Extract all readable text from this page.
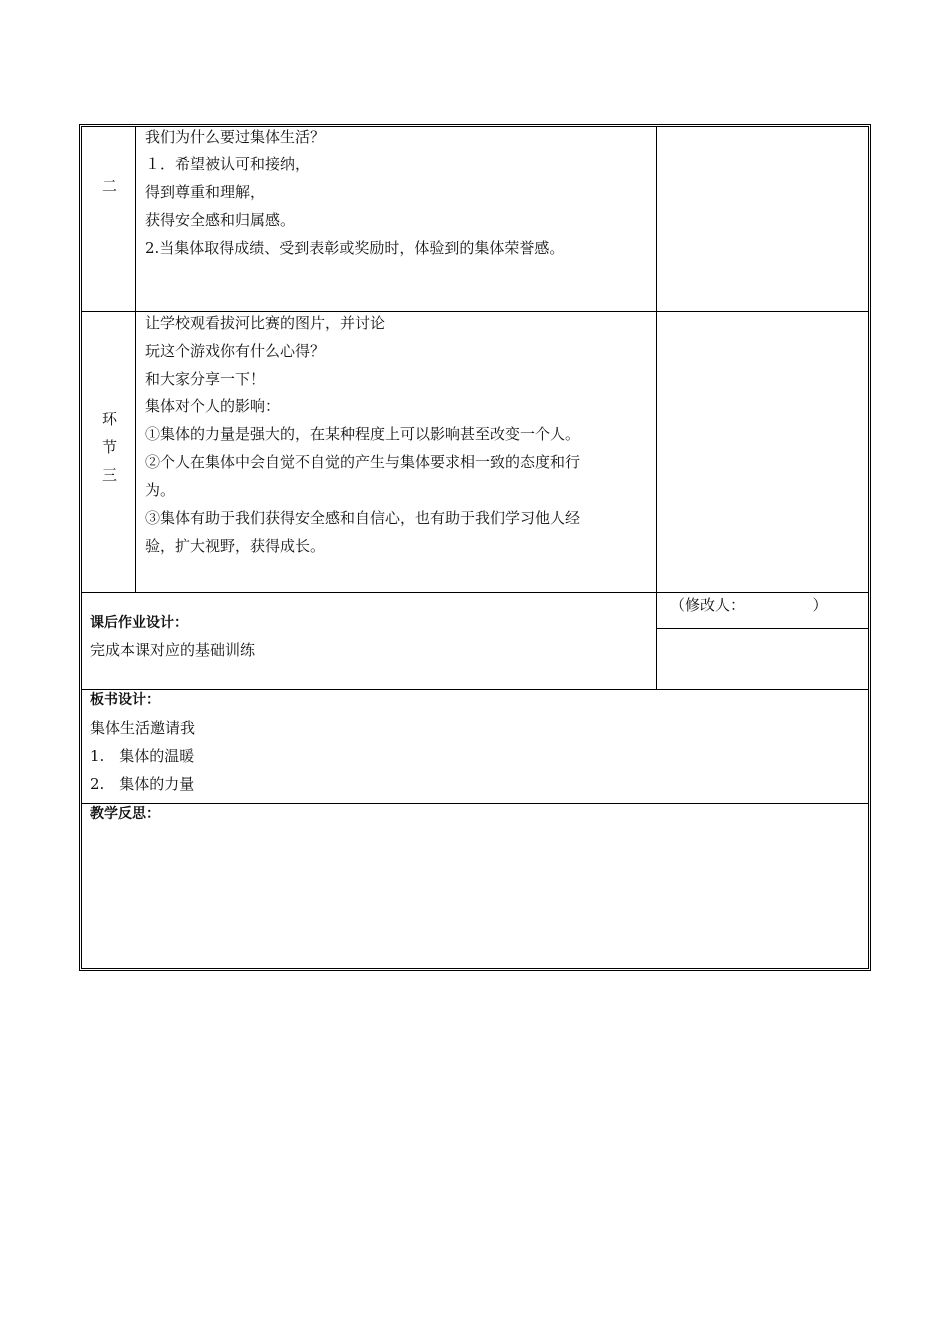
二
我们为什么要过集体生活？
１．希望被认可和接纳，
得到尊重和理解，
获得安全感和归属感。
2.当集体取得成绩、受到表彰或奖励时，体验到的集体荣誉感。
环
节
三
让学校观看拔河比赛的图片，并讨论
玩这个游戏你有什么心得？
和大家分享一下！
集体对个人的影响：
①集体的力量是强大的，在某种程度上可以影响甚至改变一个人。
②个人在集体中会自觉不自觉的产生与集体要求相一致的态度和行
为。
③集体有助于我们获得安全感和自信心，也有助于我们学习他人经
验，扩大视野，获得成长。
课后作业设计：
完成本课对应的基础训练
（修改人：　　　　　）
板书设计：
集体生活邀请我
1.　集体的温暖
2.　集体的力量
教学反思：
